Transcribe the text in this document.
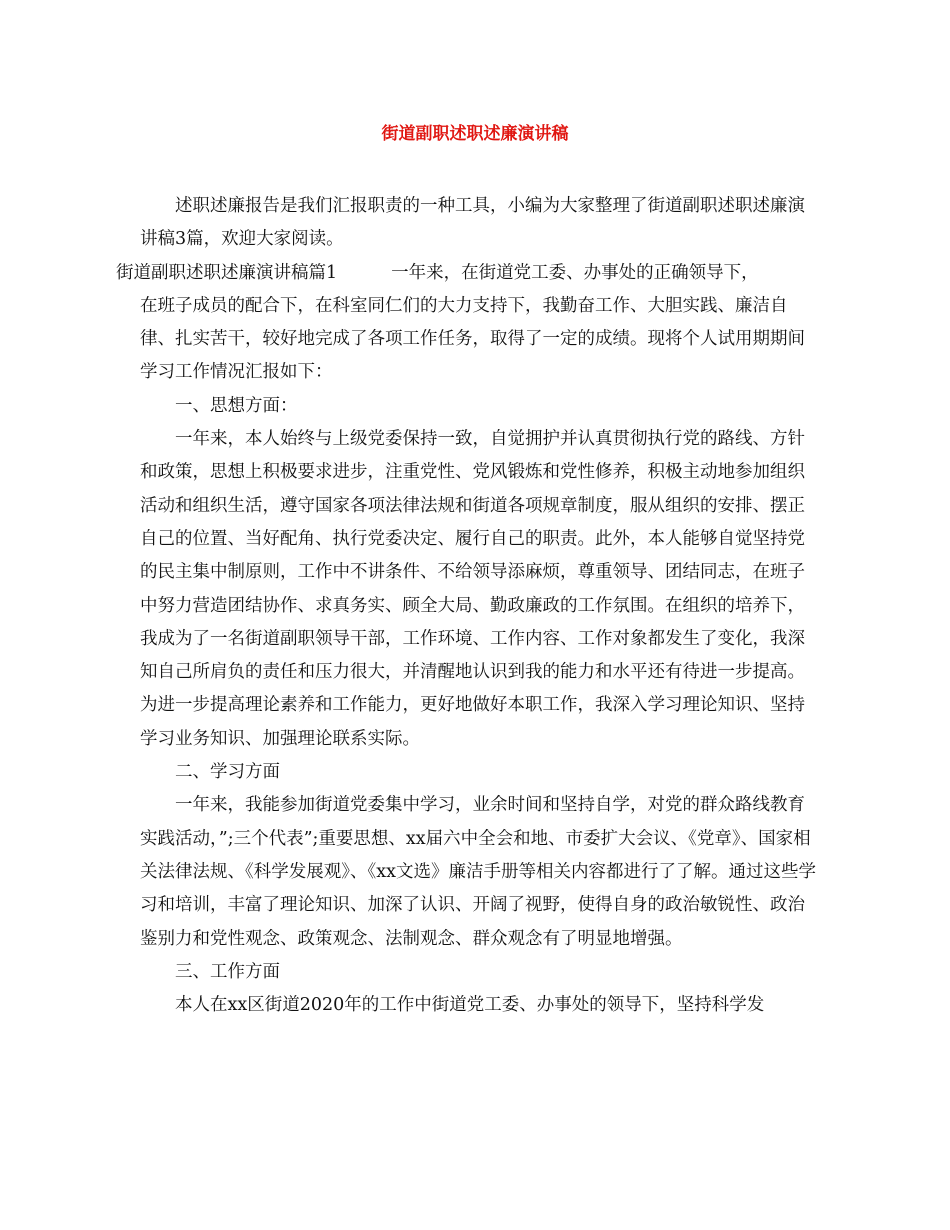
街道副职述职述廉演讲稿

述职述廉报告是我们汇报职责的一种工具，小编为大家整理了街道副职述职述廉演讲稿3篇，欢迎大家阅读。

街道副职述职述廉演讲稿篇1	一年来，在街道党工委、办事处的正确领导下，
在班子成员的配合下，在科室同仁们的大力支持下，我勤奋工作、大胆实践、廉洁自律、扎实苦干，较好地完成了各项工作任务，取得了一定的成绩。现将个人试用期期间学习工作情况汇报如下：

一、思想方面：

一年来，本人始终与上级党委保持一致，自觉拥护并认真贯彻执行党的路线、方针和政策，思想上积极要求进步，注重党性、党风锻炼和党性修养，积极主动地参加组织活动和组织生活，遵守国家各项法律法规和街道各项规章制度，服从组织的安排、摆正自己的位置、当好配角、执行党委决定、履行自己的职责。此外，本人能够自觉坚持党的民主集中制原则，工作中不讲条件、不给领导添麻烦，尊重领导、团结同志，在班子中努力营造团结协作、求真务实、顾全大局、勤政廉政的工作氛围。在组织的培养下，我成为了一名街道副职领导干部，工作环境、工作内容、工作对象都发生了变化，我深知自己所肩负的责任和压力很大，并清醒地认识到我的能力和水平还有待进一步提高。为进一步提高理论素养和工作能力，更好地做好本职工作，我深入学习理论知识、坚持学习业务知识、加强理论联系实际。

二、学习方面

一年来，我能参加街道党委集中学习，业余时间和坚持自学，对党的群众路线教育实践活动，”;三个代表”;重要思想、xx届六中全会和地、市委扩大会议、《党章》、国家相关法律法规、《科学发展观》、《xx文选》廉洁手册等相关内容都进行了了解。通过这些学习和培训，丰富了理论知识、加深了认识、开阔了视野，使得自身的政治敏锐性、政治鉴别力和党性观念、政策观念、法制观念、群众观念有了明显地增强。

三、工作方面

本人在xx区街道2020年的工作中街道党工委、办事处的领导下，坚持科学发
